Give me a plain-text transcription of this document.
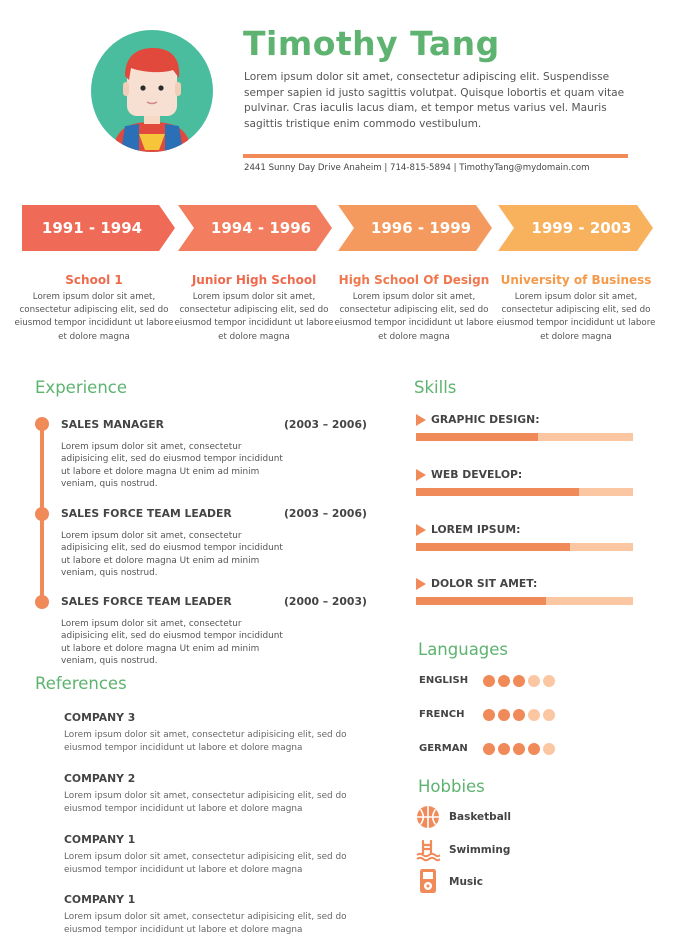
Timothy Tang
Lorem ipsum dolor sit amet, consectetur adipiscing elit. Suspendisse semper sapien id justo sagittis volutpat. Quisque lobortis et quam vitae pulvinar. Cras iaculis lacus diam, et tempor metus varius vel. Mauris sagittis tristique enim commodo vestibulum.
2441 Sunny Day Drive Anaheim | 714-815-5894 | TimothyTang@mydomain.com
1991 - 1994	1994 - 1996	1996 - 1999	1999 - 2003
School 1
Lorem ipsum dolor sit amet, consectetur adipiscing elit, sed do eiusmod tempor incididunt ut labore et dolore magna
Junior High School
Lorem ipsum dolor sit amet, consectetur adipiscing elit, sed do eiusmod tempor incididunt ut labore et dolore magna
High School Of Design
Lorem ipsum dolor sit amet, consectetur adipiscing elit, sed do eiusmod tempor incididunt ut labore et dolore magna
University of Business
Lorem ipsum dolor sit amet, consectetur adipiscing elit, sed do eiusmod tempor incididunt ut labore et dolore magna
Experience
SALES MANAGER	(2003 – 2006)
Lorem ipsum dolor sit amet, consectetur adipisicing elit, sed do eiusmod tempor incididunt ut labore et dolore magna Ut enim ad minim veniam, quis nostrud.
SALES FORCE TEAM LEADER	(2003 – 2006)
Lorem ipsum dolor sit amet, consectetur adipisicing elit, sed do eiusmod tempor incididunt ut labore et dolore magna Ut enim ad minim veniam, quis nostrud.
SALES FORCE TEAM LEADER	(2000 – 2003)
Lorem ipsum dolor sit amet, consectetur adipisicing elit, sed do eiusmod tempor incididunt ut labore et dolore magna Ut enim ad minim veniam, quis nostrud.
References
COMPANY 3
Lorem ipsum dolor sit amet, consectetur adipisicing elit, sed do eiusmod tempor incididunt ut labore et dolore magna
COMPANY 2
Lorem ipsum dolor sit amet, consectetur adipisicing elit, sed do eiusmod tempor incididunt ut labore et dolore magna
COMPANY 1
Lorem ipsum dolor sit amet, consectetur adipisicing elit, sed do eiusmod tempor incididunt ut labore et dolore magna
COMPANY 1
Lorem ipsum dolor sit amet, consectetur adipisicing elit, sed do eiusmod tempor incididunt ut labore et dolore magna
Skills
GRAPHIC DESIGN:
WEB DEVELOP:
LOREM IPSUM:
DOLOR SIT AMET:
Languages
ENGLISH
FRENCH
GERMAN
Hobbies
Basketball
Swimming
Music
